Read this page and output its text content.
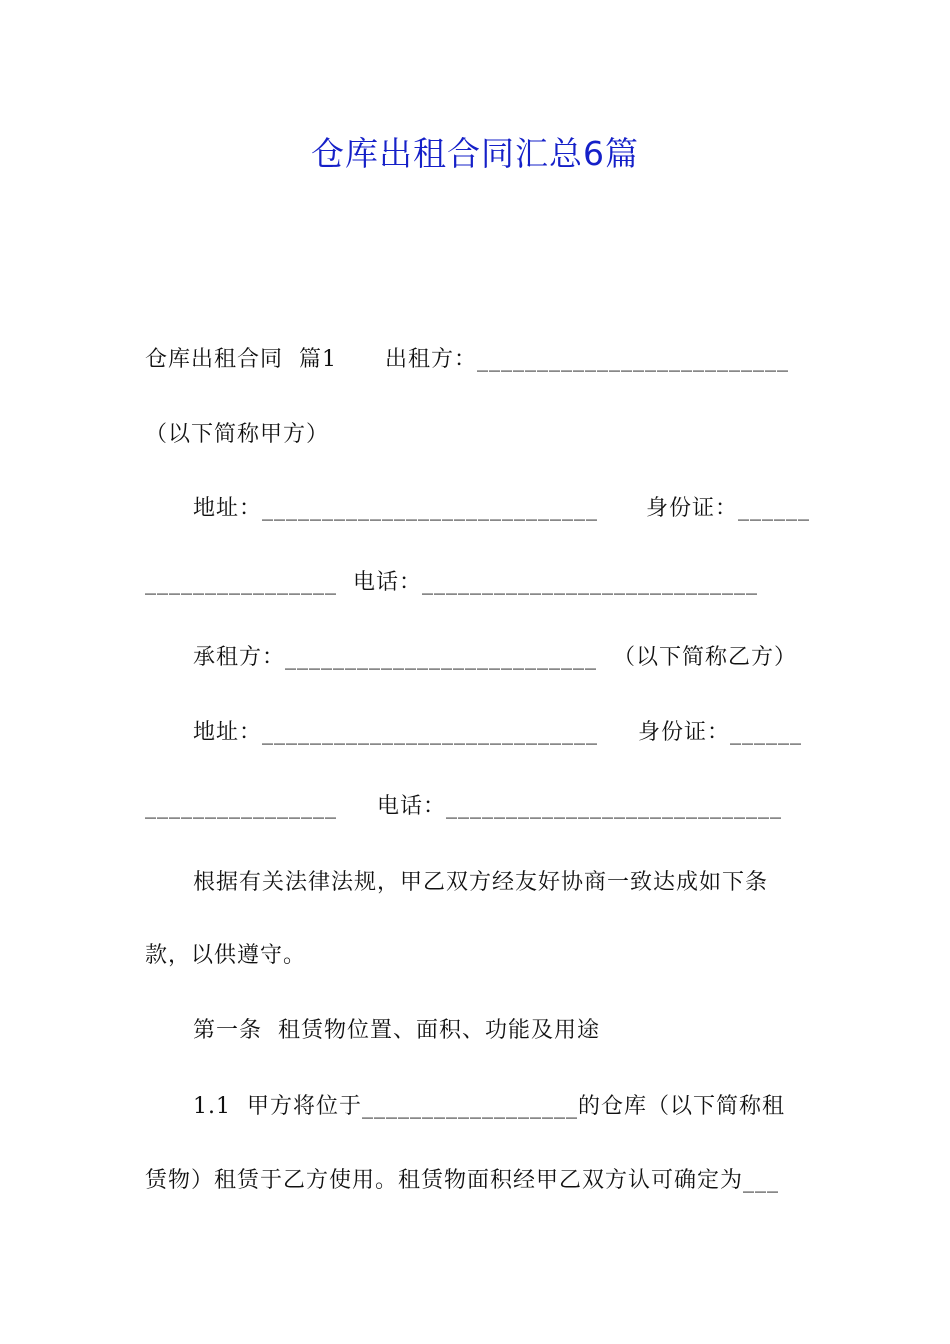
仓库出租合同汇总6篇
仓库出租合同  篇1      出租方：__________________________
（以下简称甲方）
地址：____________________________      身份证：______
________________  电话：____________________________
承租方：__________________________  （以下简称乙方）
地址：____________________________     身份证：______
________________     电话：____________________________
根据有关法律法规，甲乙双方经友好协商一致达成如下条
款，以供遵守。
第一条  租赁物位置、面积、功能及用途
1.1  甲方将位于__________________的仓库（以下简称租
赁物）租赁于乙方使用。租赁物面积经甲乙双方认可确定为___
